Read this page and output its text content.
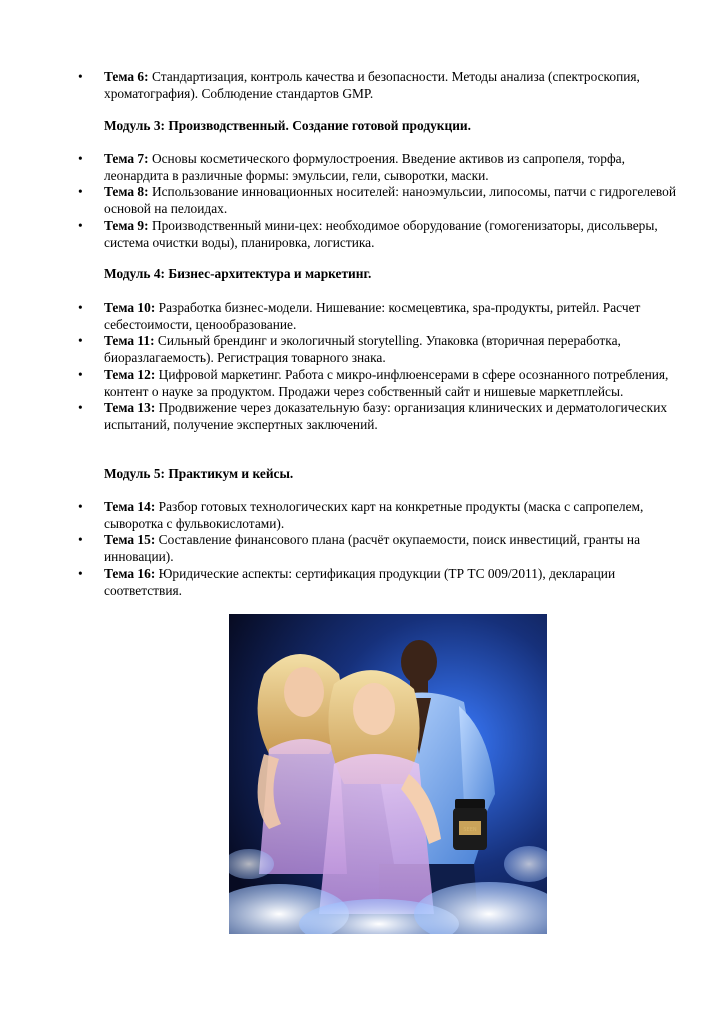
•	Тема 6: Стандартизация, контроль качества и безопасности. Методы анализа (спектроскопия, хроматография). Соблюдение стандартов GMP.

Модуль 3: Производственный. Создание готовой продукции.

•	Тема 7: Основы косметического формулостроения. Введение активов из сапропеля, торфа, леонардита в различные формы: эмульсии, гели, сыворотки, маски.
•	Тема 8: Использование инновационных носителей: наноэмульсии, липосомы, патчи с гидрогелевой основой на пелоидах.
•	Тема 9: Производственный мини-цех: необходимое оборудование (гомогенизаторы, дисольверы, система очистки воды), планировка, логистика.

Модуль 4: Бизнес-архитектура и маркетинг.

•	Тема 10: Разработка бизнес-модели. Нишевание: космецевтика, spa-продукты, ритейл. Расчет себестоимости, ценообразование.
•	Тема 11: Сильный брендинг и экологичный storytelling. Упаковка (вторичная переработка, биоразлагаемость). Регистрация товарного знака.
•	Тема 12: Цифровой маркетинг. Работа с микро-инфлюенсерами в сфере осознанного потребления, контент о науке за продуктом. Продажи через собственный сайт и нишевые маркетплейсы.
•	Тема 13: Продвижение через доказательную базу: организация клинических и дерматологических испытаний, получение экспертных заключений.

Модуль 5: Практикум и кейсы.

•	Тема 14: Разбор готовых технологических карт на конкретные продукты (маска с сапропелем, сыворотка с фульвокислотами).
•	Тема 15: Составление финансового плана (расчёт окупаемости, поиск инвестиций, гранты на инновации).
•	Тема 16: Юридические аспекты: сертификация продукции (ТР ТС 009/2011), декларации соответствия.
SEEN
